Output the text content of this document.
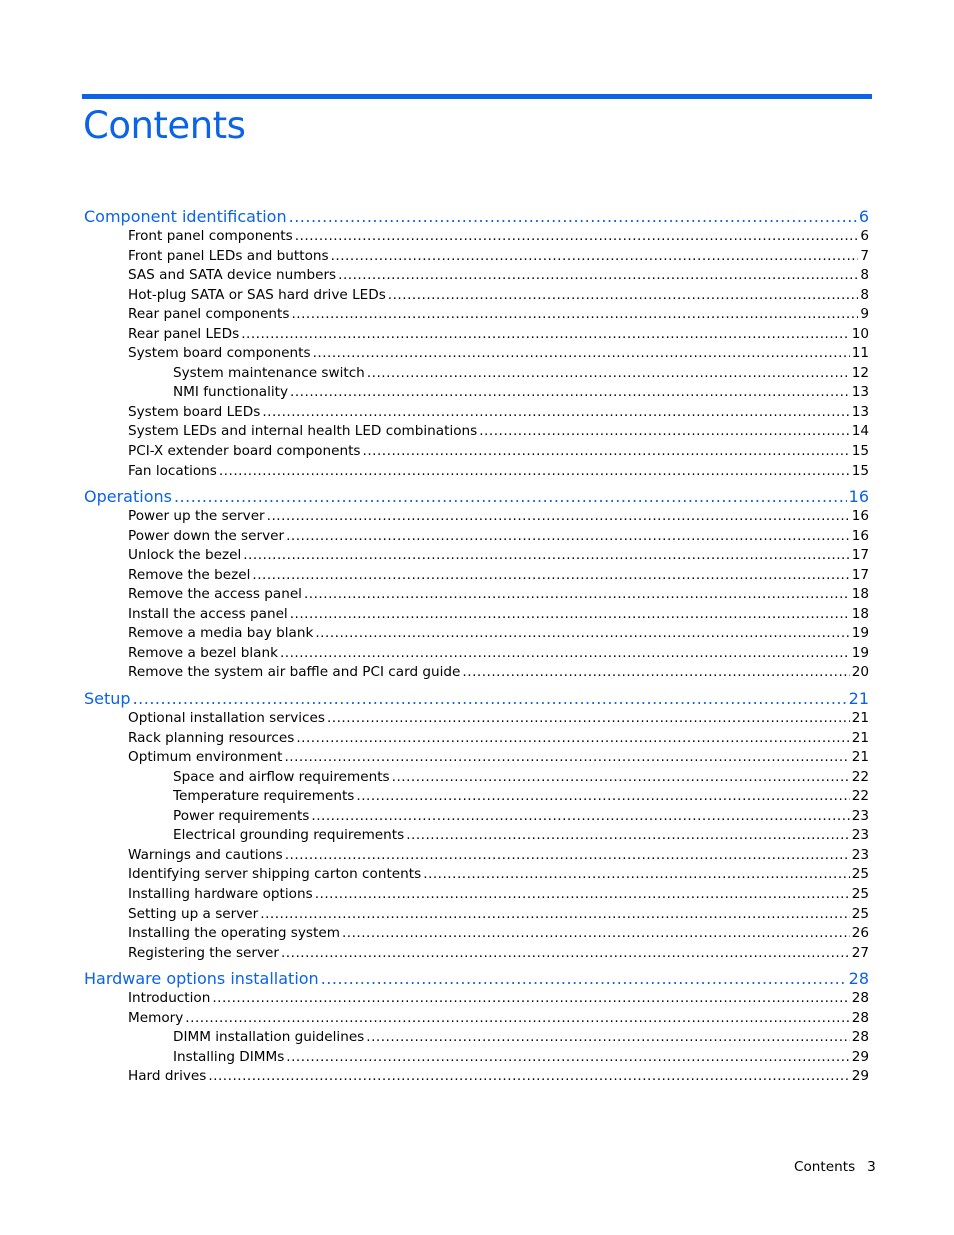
Contents
Component identification .....	6
Front panel components .....	6
Front panel LEDs and buttons .....	7
SAS and SATA device numbers .....	8
Hot-plug SATA or SAS hard drive LEDs .....	8
Rear panel components .....	9
Rear panel LEDs .....	10
System board components .....	11
System maintenance switch .....	12
NMI functionality .....	13
System board LEDs .....	13
System LEDs and internal health LED combinations .....	14
PCI-X extender board components .....	15
Fan locations .....	15
Operations .....	16
Power up the server .....	16
Power down the server .....	16
Unlock the bezel .....	17
Remove the bezel .....	17
Remove the access panel .....	18
Install the access panel .....	18
Remove a media bay blank .....	19
Remove a bezel blank .....	19
Remove the system air baffle and PCI card guide .....	20
Setup .....	21
Optional installation services .....	21
Rack planning resources .....	21
Optimum environment .....	21
Space and airflow requirements .....	22
Temperature requirements .....	22
Power requirements .....	23
Electrical grounding requirements .....	23
Warnings and cautions .....	23
Identifying server shipping carton contents .....	25
Installing hardware options .....	25
Setting up a server .....	25
Installing the operating system .....	26
Registering the server .....	27
Hardware options installation .....	28
Introduction .....	28
Memory .....	28
DIMM installation guidelines .....	28
Installing DIMMs .....	29
Hard drives .....	29
Contents 3
